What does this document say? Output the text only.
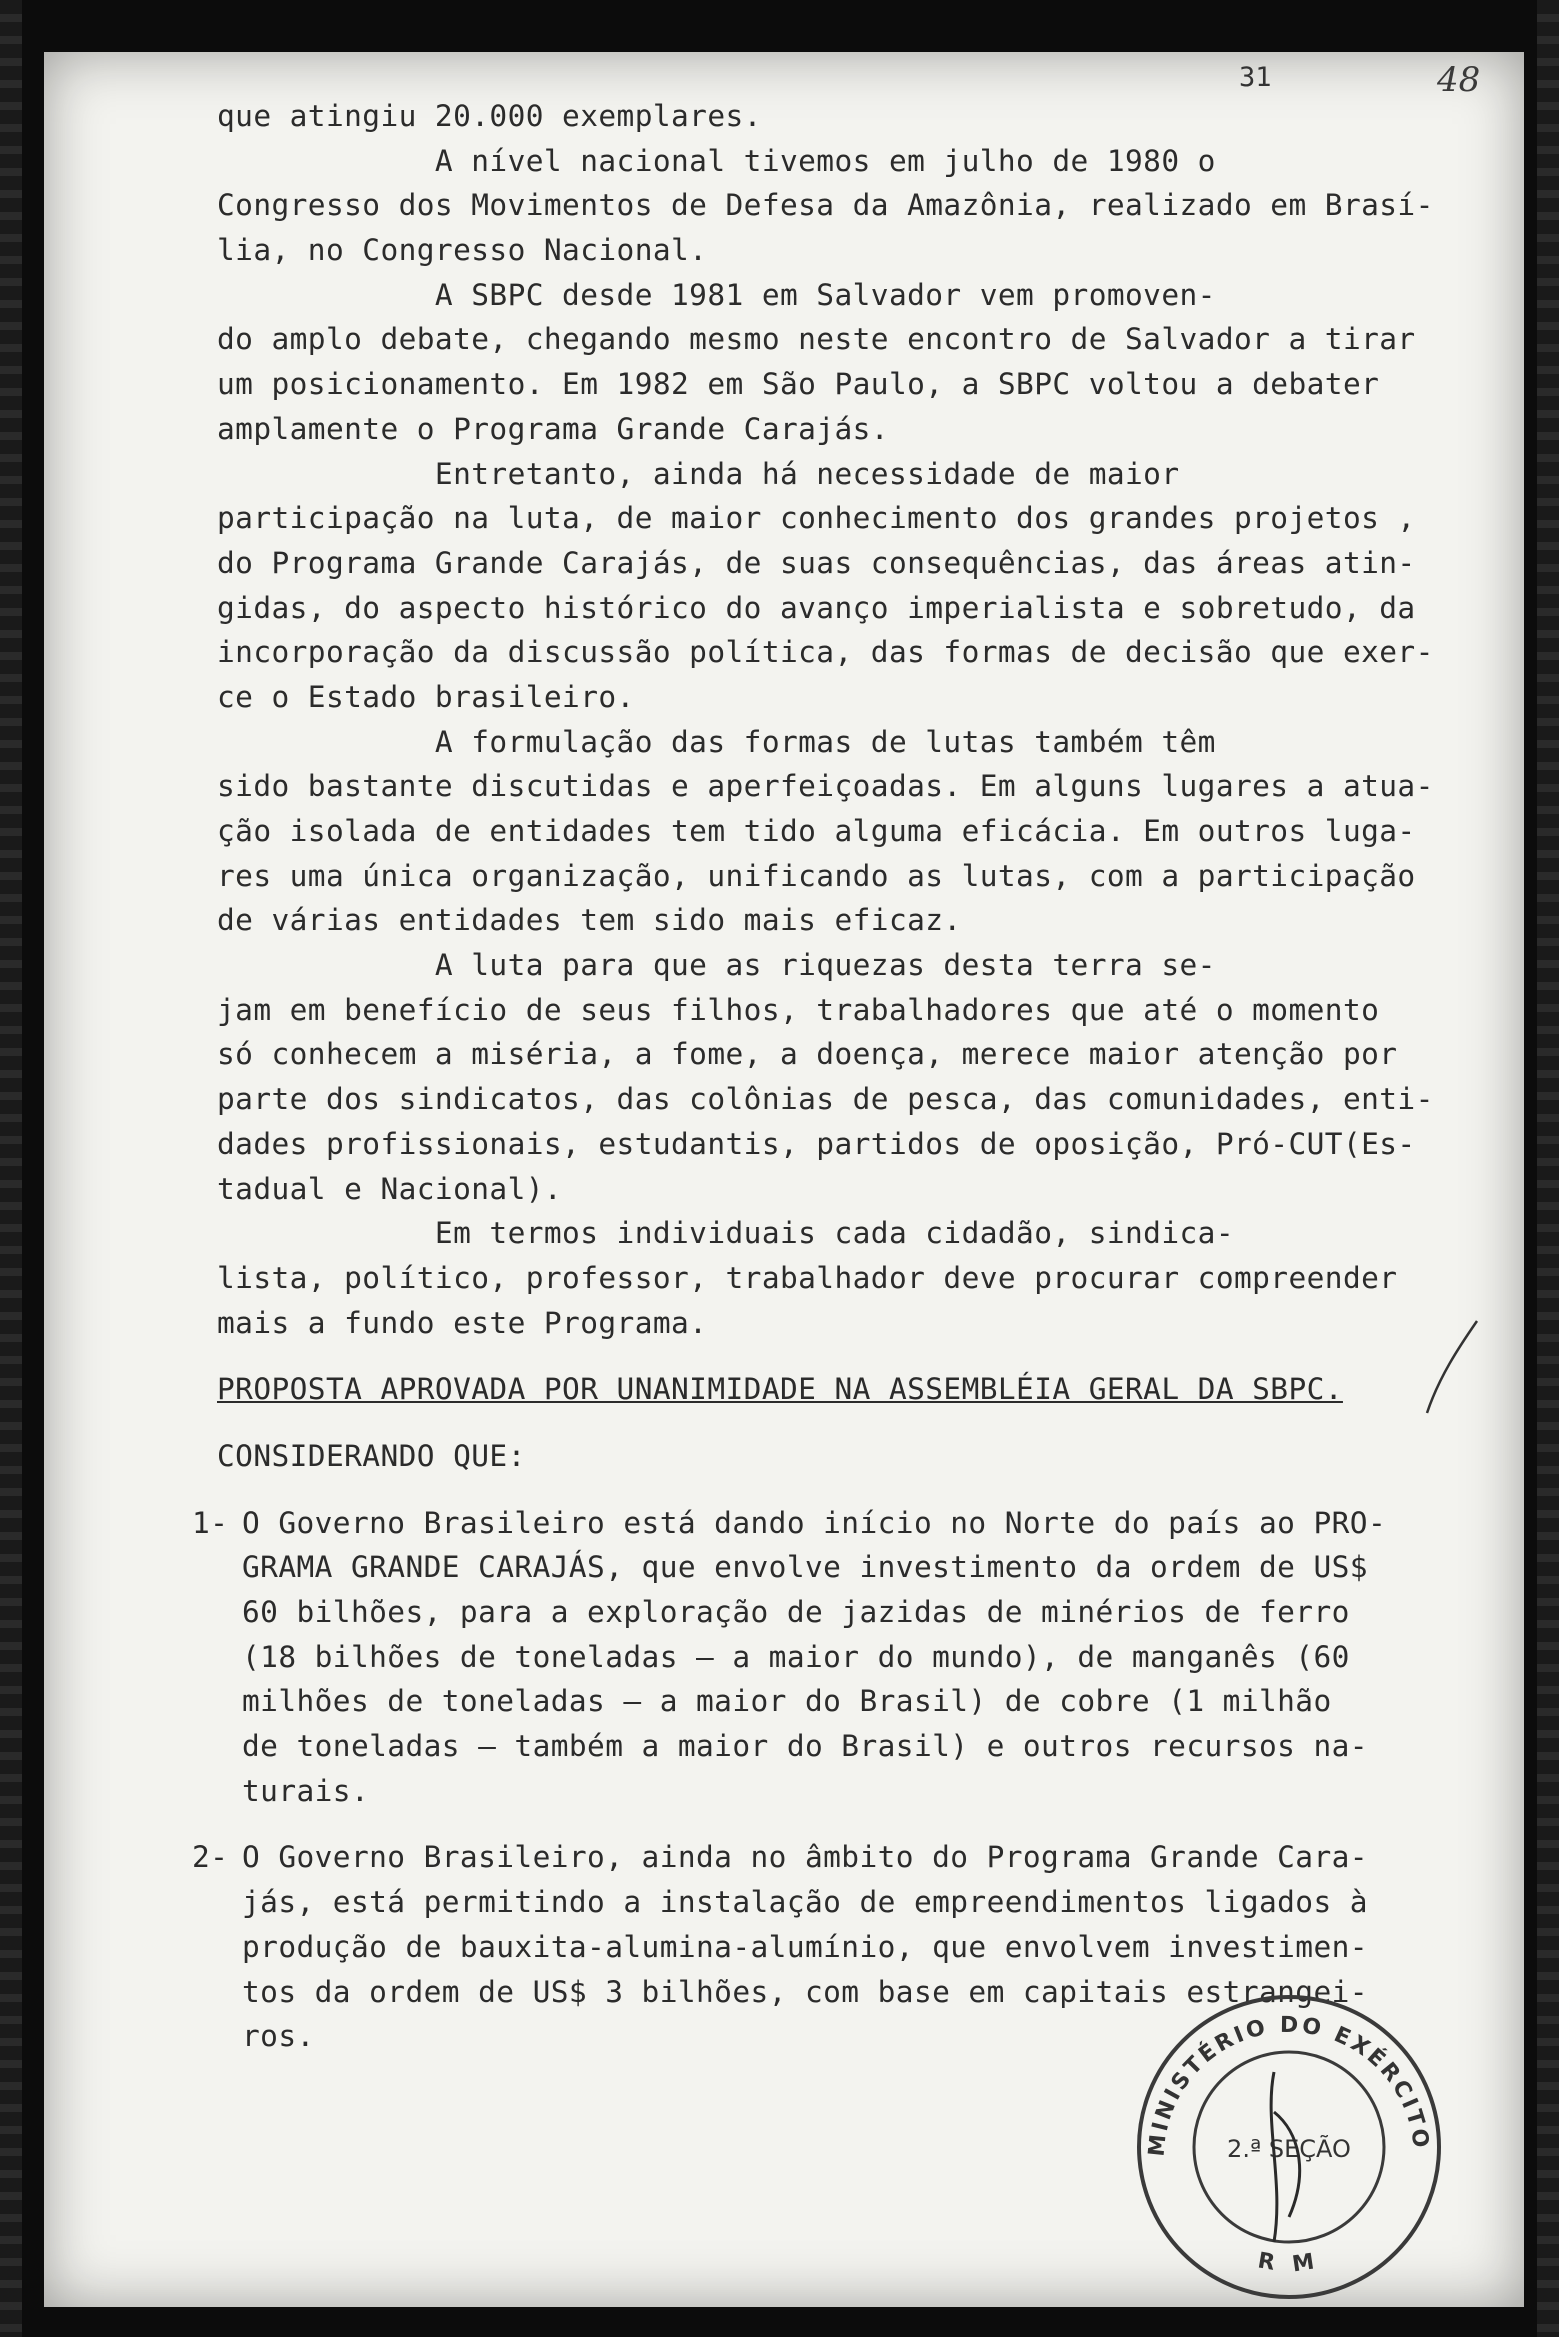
31	48
que atingiu 20.000 exemplares.
A nível nacional tivemos em julho de 1980 o
Congresso dos Movimentos de Defesa da Amazônia, realizado em Brasí-
lia, no Congresso Nacional.
A SBPC desde 1981 em Salvador vem promoven-
do amplo debate, chegando mesmo neste encontro de Salvador a tirar
um posicionamento. Em 1982 em São Paulo, a SBPC voltou a debater
amplamente o Programa Grande Carajás.
Entretanto, ainda há necessidade de maior
participação na luta, de maior conhecimento dos grandes projetos ,
do Programa Grande Carajás, de suas consequências, das áreas atin-
gidas, do aspecto histórico do avanço imperialista e sobretudo, da
incorporação da discussão política, das formas de decisão que exer-
ce o Estado brasileiro.
A formulação das formas de lutas também têm
sido bastante discutidas e aperfeiçoadas. Em alguns lugares a atua-
ção isolada de entidades tem tido alguma eficácia. Em outros luga-
res uma única organização, unificando as lutas, com a participação
de várias entidades tem sido mais eficaz.
A luta para que as riquezas desta terra se-
jam em benefício de seus filhos, trabalhadores que até o momento
só conhecem a miséria, a fome, a doença, merece maior atenção por
parte dos sindicatos, das colônias de pesca, das comunidades, enti-
dades profissionais, estudantis, partidos de oposição, Pró-CUT(Es-
tadual e Nacional).
Em termos individuais cada cidadão, sindica-
lista, político, professor, trabalhador deve procurar compreender
mais a fundo este Programa.
PROPOSTA APROVADA POR UNANIMIDADE NA ASSEMBLÉIA GERAL DA SBPC.
CONSIDERANDO QUE:
1- O Governo Brasileiro está dando início no Norte do país ao PRO-
GRAMA GRANDE CARAJÁS, que envolve investimento da ordem de US$
60 bilhões, para a exploração de jazidas de minérios de ferro
(18 bilhões de toneladas — a maior do mundo), de manganês (60
milhões de toneladas — a maior do Brasil) de cobre (1 milhão
de toneladas — também a maior do Brasil) e outros recursos na-
turais.
2- O Governo Brasileiro, ainda no âmbito do Programa Grande Cara-
jás, está permitindo a instalação de empreendimentos ligados à
produção de bauxita-alumina-alumínio, que envolvem investimen-
tos da ordem de US$ 3 bilhões, com base em capitais estrangei-
ros.
MINISTÉRIO DO EXÉRCITO
R M
2.ª SEÇÃO
